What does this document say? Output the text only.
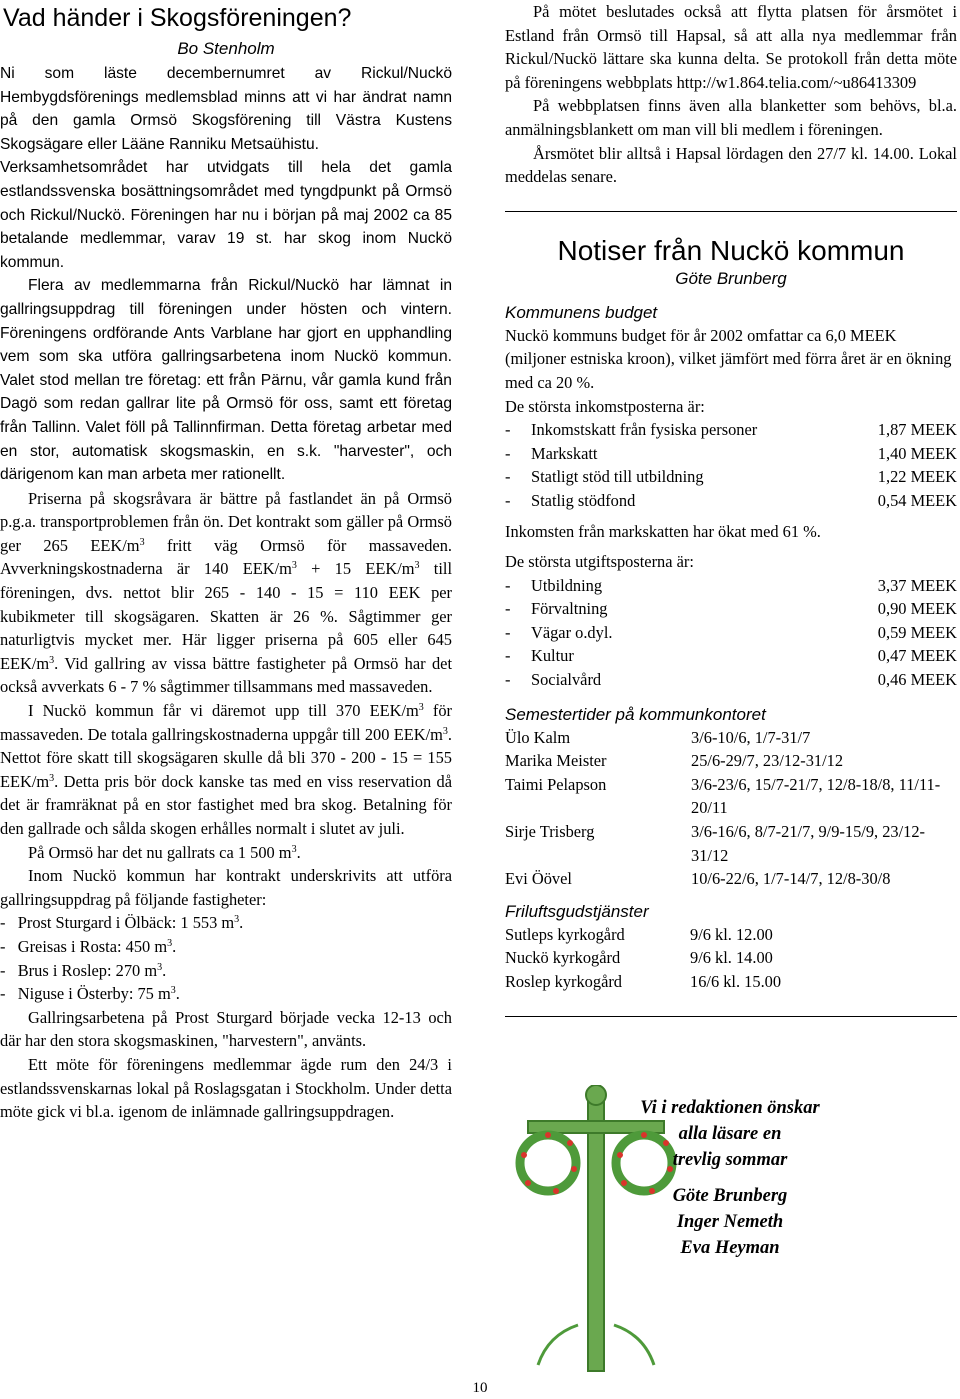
Vad händer i Skogsföreningen?
Bo Stenholm

Ni som läste decembernumret av Rickul/Nuckö Hembygdsförenings medlemsblad minns att vi har ändrat namn på den gamla Ormsö Skogsförening till Västra Kustens Skogsägare eller Lääne Ranniku Metsaühistu.

Verksamhetsområdet har utvidgats till hela det gamla estlandssvenska bosättningsområdet med tyngdpunkt på Ormsö och Rickul/Nuckö. Föreningen har nu i början på maj 2002 ca 85 betalande medlemmar, varav 19 st. har skog inom Nuckö kommun.

Flera av medlemmarna från Rickul/Nuckö har lämnat in gallringsuppdrag till föreningen under hösten och vintern. Föreningens ordförande Ants Varblane har gjort en upphandling vem som ska utföra gallringsarbetena inom Nuckö kommun. Valet stod mellan tre företag: ett från Pärnu, vår gamla kund från Dagö som redan gallrar lite på Ormsö för oss, samt ett företag från Tallinn. Valet föll på Tallinnfirman. Detta företag arbetar med en stor, automatisk skogsmaskin, en s.k. "harvester", och därigenom kan man arbeta mer rationellt.

Priserna på skogsråvara är bättre på fastlandet än på Ormsö p.g.a. transportproblemen från ön. Det kontrakt som gäller på Ormsö ger 265 EEK/$m^3$ fritt väg Ormsö för massaveden. Avverkningskostnaderna är 140 EEK/$m^3 + 15$ EEK/$m^3$ till föreningen, dvs. nettot blir 265 - 140 - 15 = 110 EEK per kubikmeter till skogsägaren. Skatten är 26 %. Sågtimmer ger naturligtvis mycket mer. Här ligger priserna på 605 eller 645 EEK/$m^3$. Vid gallring av vissa bättre fastigheter på Ormsö har det också avverkats 6 - 7 % sågtimmer tillsammans med massaveden.

I Nuckö kommun får vi däremot upp till 370 EEK/$m^3$ för massaveden. De totala gallringskostnaderna uppgår till 200 EEK/$m^3$. Nettot före skatt till skogsägaren skulle då bli 370 - 200 - 15 = 155 EEK/$m^3$. Detta pris bör dock kanske tas med en viss reservation då det är framräknat på en stor fastighet med bra skog. Betalning för den gallrade och sålda skogen erhålles normalt i slutet av juli.

På Ormsö har det nu gallrats ca 1 500 $m^3$.

Inom Nuckö kommun har kontrakt underskrivits att utföra gallringsuppdrag på följande fastigheter:

-   Prost Sturgard i Ölbäck: 1 553 $m^3$.

-   Greisas i Rosta: 450 $m^3$.

-   Brus i Roslep: 270 $m^3$.

-   Niguse i Österby: 75 $m^3$.

Gallringsarbetena på Prost Sturgard började vecka 12-13 och där har den stora skogsmaskinen, "harvestern", använts.

Ett möte för föreningens medlemmar ägde rum den 24/3 i estlandssvenskarnas lokal på Roslagsgatan i Stockholm. Under detta möte gick vi bl.a. igenom de inlämnade gallringsuppdragen.

På mötet beslutades också att flytta platsen för årsmötet i Estland från Ormsö till Hapsal, så att alla nya medlemmar från Rickul/Nuckö lättare ska kunna delta. Se protokoll från detta möte på föreningens webbplats http://w1.864.telia.com/~u86413309

På webbplatsen finns även alla blanketter som behövs, bl.a. anmälningsblankett om man vill bli medlem i föreningen.

Årsmötet blir alltså i Hapsal lördagen den 27/7 kl. 14.00. Lokal meddelas senare.

Notiser från Nuckö kommun
Göte Brunberg
Kommunens budget
Nuckö kommuns budget för år 2002 omfattar ca 6,0 MEEK (miljoner estniska kroon), vilket jämfört med förra året är en ökning med ca 20 %.
De största inkomstposterna är:
-	Inkomstskatt från fysiska personer	1,87 MEEK
-	Markskatt	1,40 MEEK
-	Statligt stöd till utbildning	1,22 MEEK
-	Statlig stödfond	0,54 MEEK
Inkomsten från markskatten har ökat med 61 %.
De största utgiftsposterna är:
-	Utbildning	3,37 MEEK
-	Förvaltning	0,90 MEEK
-	Vägar o.dyl.	0,59 MEEK
-	Kultur	0,47 MEEK
-	Socialvård	0,46 MEEK
Semestertider på kommunkontoret
Ülo Kalm	3/6-10/6, 1/7-31/7
Marika Meister	25/6-29/7, 23/12-31/12
Taimi Pelapson	3/6-23/6, 15/7-21/7, 12/8-18/8, 11/11-20/11
Sirje Trisberg	3/6-16/6, 8/7-21/7, 9/9-15/9, 23/12-31/12
Evi Öövel	10/6-22/6, 1/7-14/7, 12/8-30/8
Friluftsgudstjänster
Sutleps kyrkogård	9/6 kl. 12.00
Nuckö kyrkogård	9/6 kl. 14.00
Roslep kyrkogård	16/6 kl. 15.00
Vi i redaktionen önskar
alla läsare en
trevlig sommar
Göte Brunberg
Inger Nemeth
Eva Heyman
10
